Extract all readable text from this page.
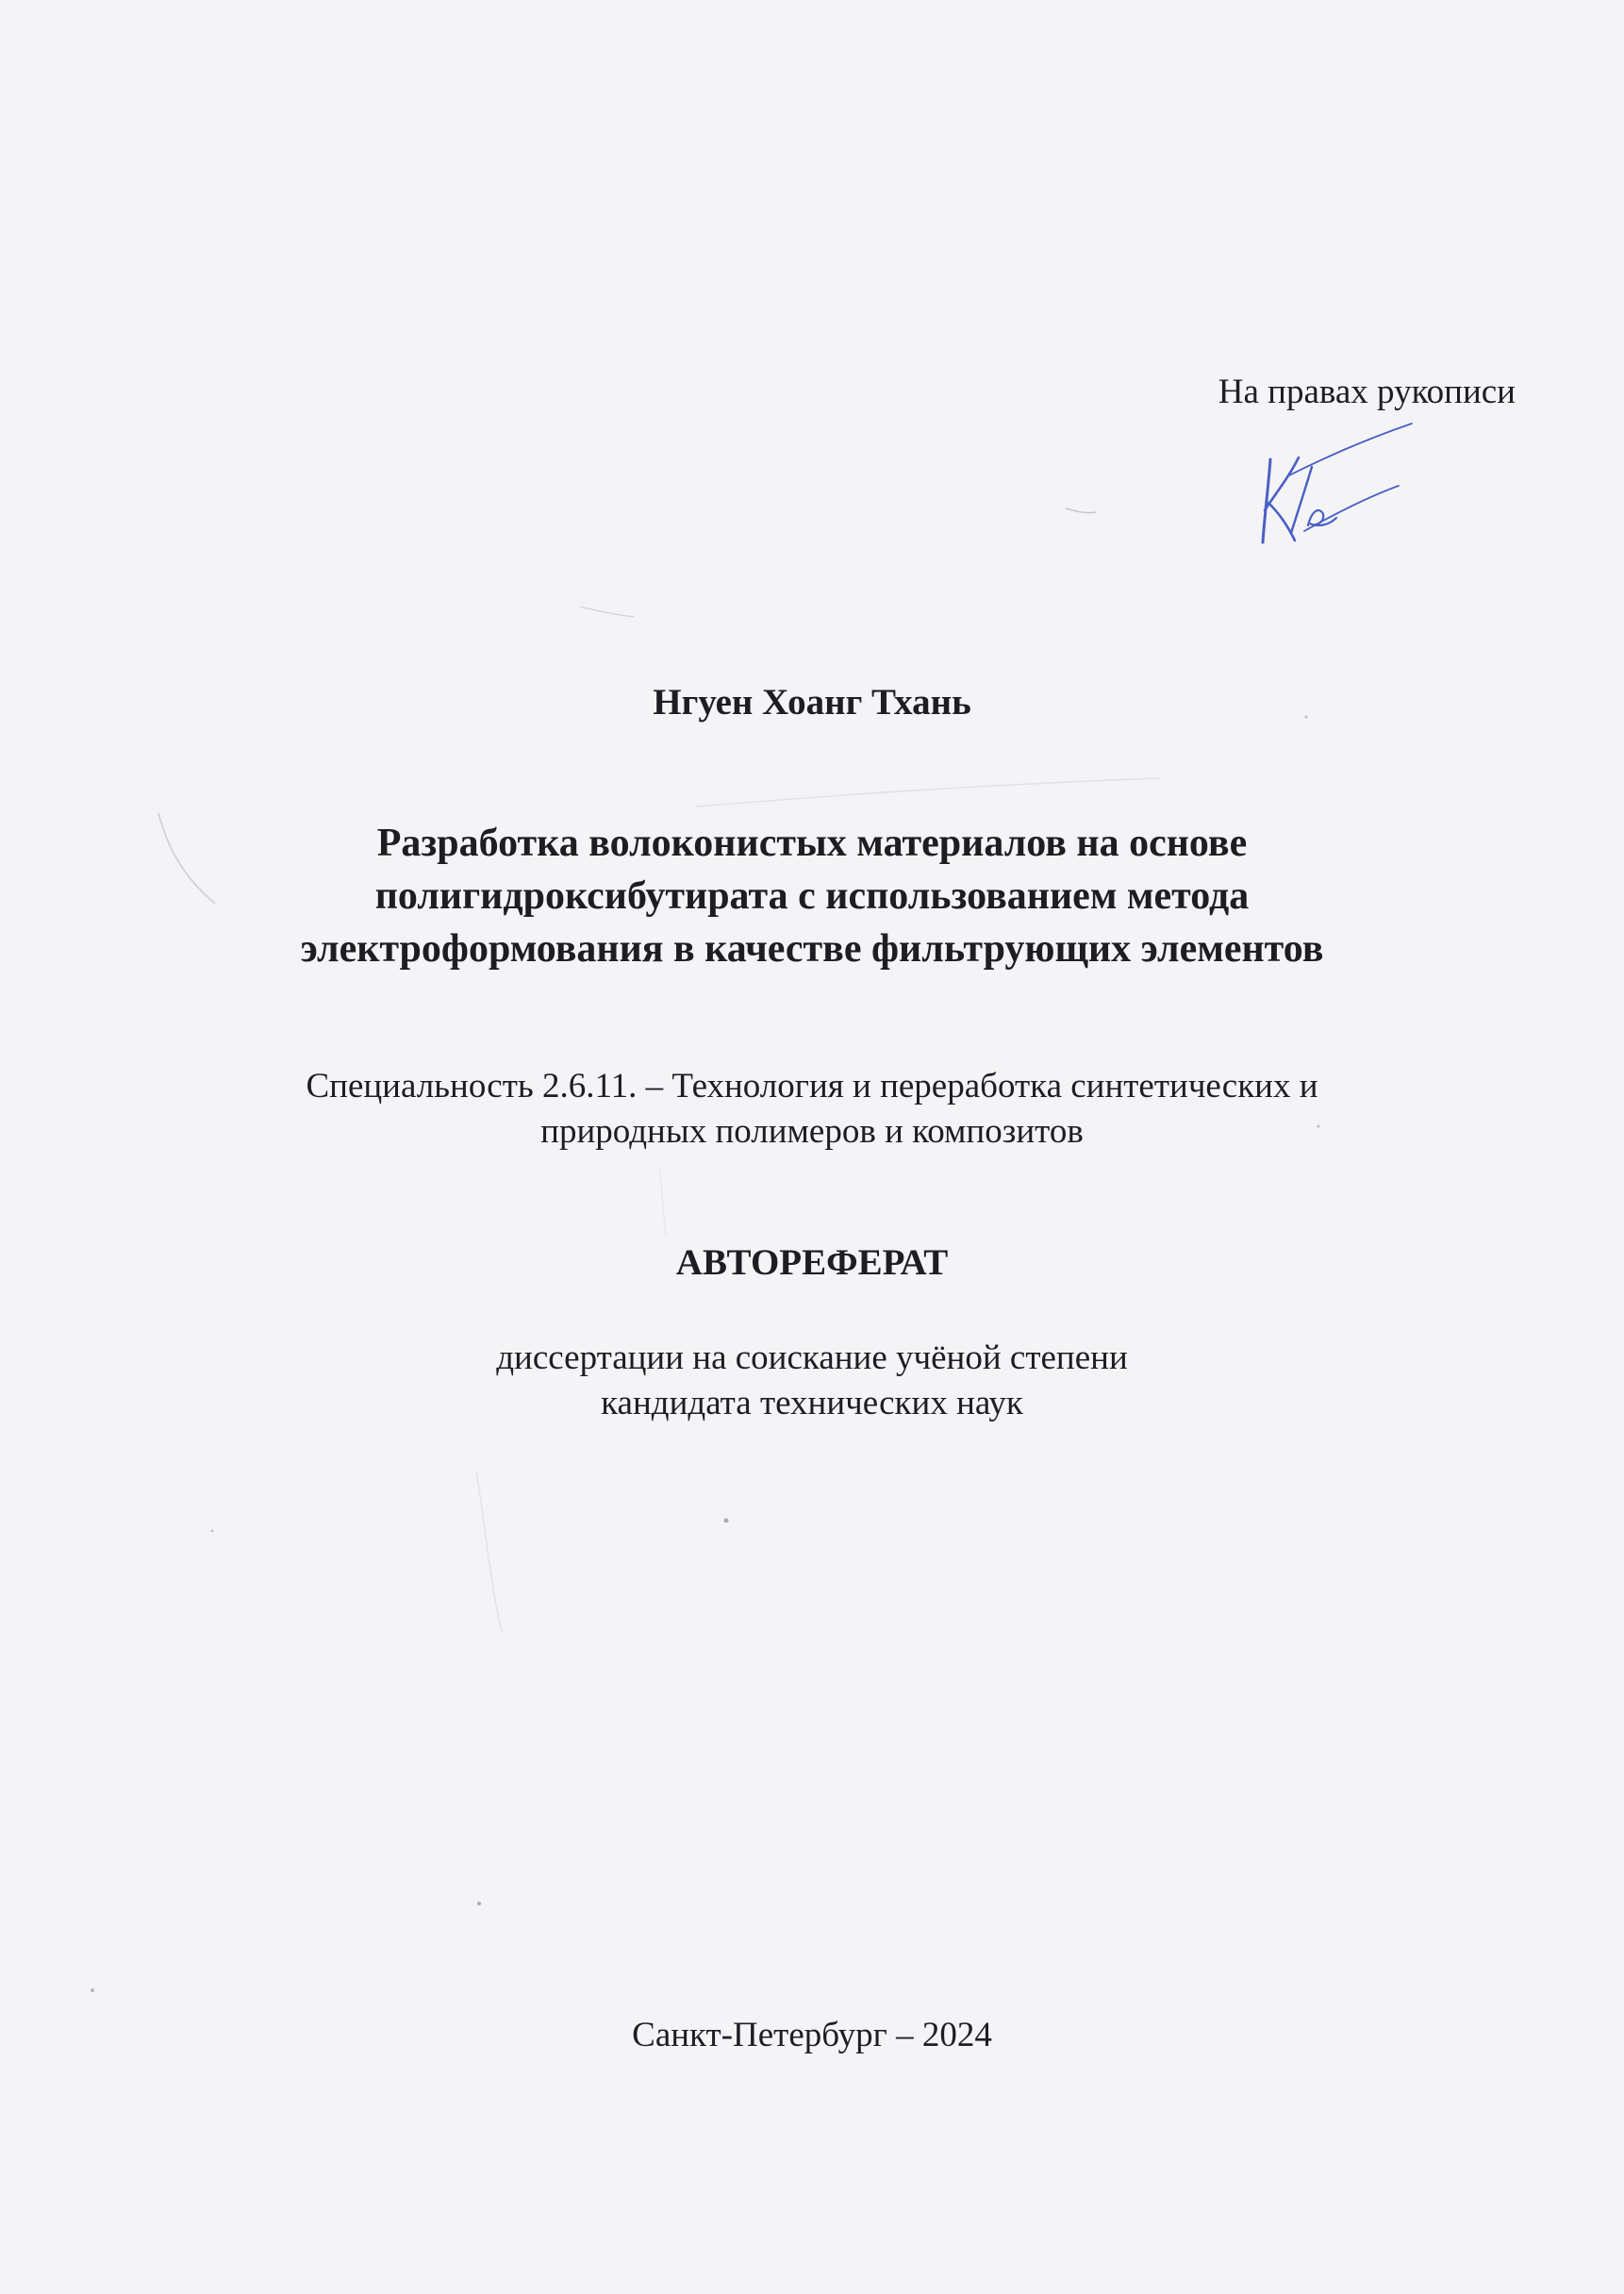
На правах рукописи
Нгуен Хоанг Тхань
Разработка волоконистых материалов на основе
полигидроксибутирата с использованием метода
электроформования в качестве фильтрующих элементов
Специальность 2.6.11. – Технология и переработка синтетических и
природных полимеров и композитов
АВТОРЕФЕРАТ
диссертации на соискание учёной степени
кандидата технических наук
Санкт-Петербург – 2024
